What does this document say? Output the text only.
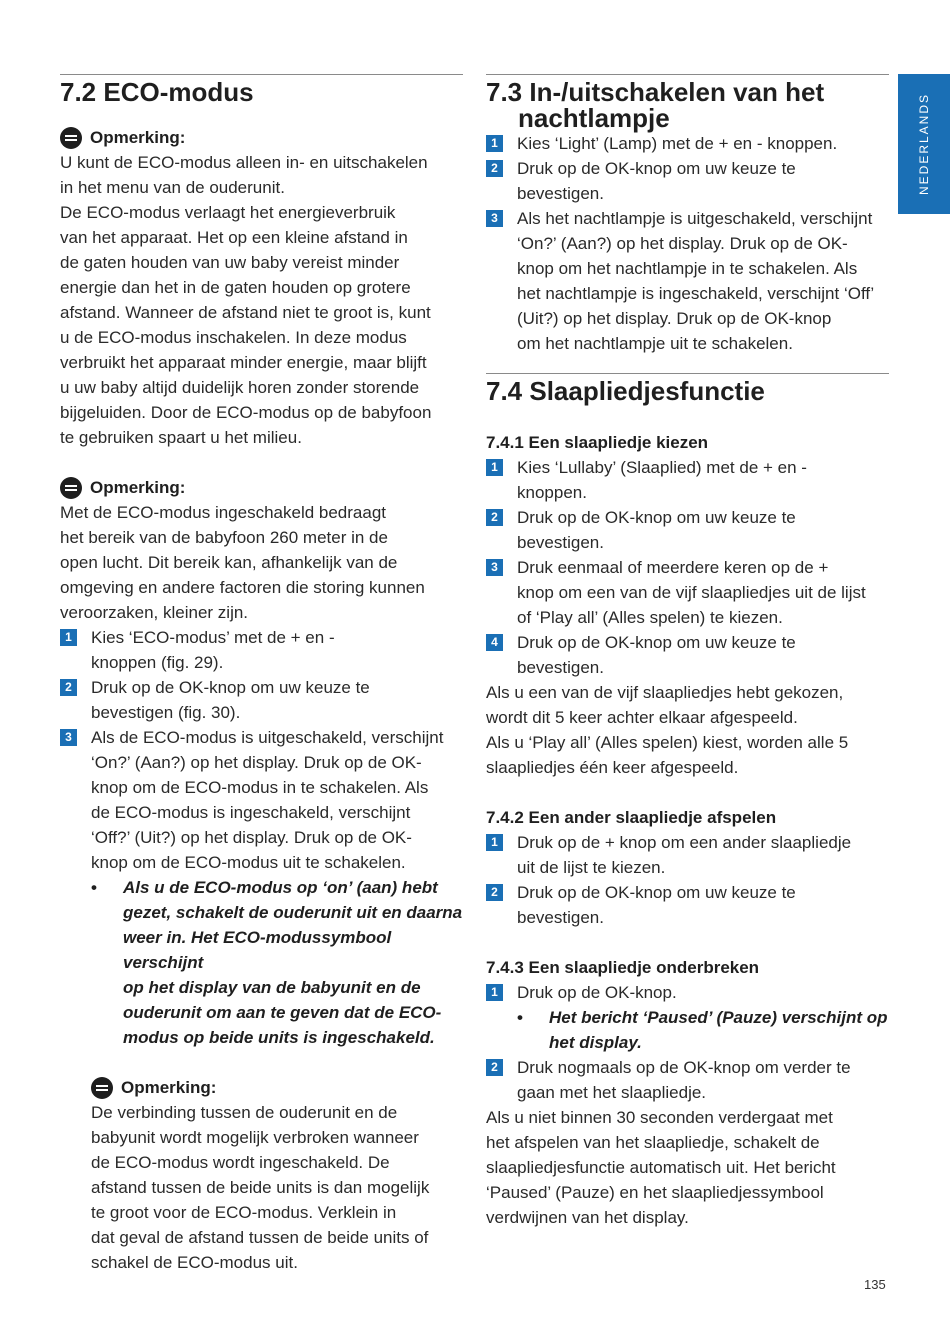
7.2 ECO-modus
Opmerking:

U kunt de ECO-modus alleen in- en uitschakelen

in het menu van de ouderunit.

De ECO-modus verlaagt het energieverbruik

van het apparaat. Het op een kleine afstand in

de gaten houden van uw baby vereist minder

energie dan het in de gaten houden op grotere

afstand. Wanneer de afstand niet te groot is, kunt

u de ECO-modus inschakelen. In deze modus

verbruikt het apparaat minder energie, maar blijft

u uw baby altijd duidelijk horen zonder storende

bijgeluiden. Door de ECO-modus op de babyfoon

te gebruiken spaart u het milieu.

Opmerking:

Met de ECO-modus ingeschakeld bedraagt

het bereik van de babyfoon 260 meter in de

open lucht. Dit bereik kan, afhankelijk van de

omgeving en andere factoren die storing kunnen

veroorzaken, kleiner zijn.

1	Kies ‘ECO-modus’ met de + en -
knoppen (fig. 29).
2	Druk op de OK-knop om uw keuze te
bevestigen (fig. 30).
3	Als de ECO-modus is uitgeschakeld, verschijnt
‘On?’ (Aan?) op het display. Druk op de OK-
knop om de ECO-modus in te schakelen. Als
de ECO-modus is ingeschakeld, verschijnt
‘Off?’ (Uit?) op het display. Druk op de OK-
knop om de ECO-modus uit te schakelen.
•	Als u de ECO-modus op ‘on’ (aan) hebt
gezet, schakelt de ouderunit uit en daarna
weer in. Het ECO-modussymbool verschijnt
op het display van de babyunit en de
ouderunit om aan te geven dat de ECO-
modus op beide units is ingeschakeld.
Opmerking:
De verbinding tussen de ouderunit en de
babyunit wordt mogelijk verbroken wanneer
de ECO-modus wordt ingeschakeld. De
afstand tussen de beide units is dan mogelijk
te groot voor de ECO-modus. Verklein in
dat geval de afstand tussen de beide units of
schakel de ECO-modus uit.
7.3 In-/uitschakelen van het
nachtlampje
1	Kies ‘Light’ (Lamp) met de + en - knoppen.
2	Druk op de OK-knop om uw keuze te
bevestigen.
3	Als het nachtlampje is uitgeschakeld, verschijnt
‘On?’ (Aan?) op het display. Druk op de OK-
knop om het nachtlampje in te schakelen. Als
het nachtlampje is ingeschakeld, verschijnt ‘Off’
(Uit?) op het display. Druk op de OK-knop
om het nachtlampje uit te schakelen.
7.4 Slaapliedjesfunctie
7.4.1 Een slaapliedje kiezen
1	Kies ‘Lullaby’ (Slaaplied) met de + en -
knoppen.
2	Druk op de OK-knop om uw keuze te
bevestigen.
3	Druk eenmaal of meerdere keren op de +
knop om een van de vijf slaapliedjes uit de lijst
of ‘Play all’ (Alles spelen) te kiezen.
4	Druk op de OK-knop om uw keuze te
bevestigen.

Als u een van de vijf slaapliedjes hebt gekozen,

wordt dit 5 keer achter elkaar afgespeeld.

Als u ‘Play all’ (Alles spelen) kiest, worden alle 5

slaapliedjes één keer afgespeeld.

7.4.2 Een ander slaapliedje afspelen
1	Druk op de + knop om een ander slaapliedje
uit de lijst te kiezen.
2	Druk op de OK-knop om uw keuze te
bevestigen.
7.4.3 Een slaapliedje onderbreken
1	Druk op de OK-knop.
•	Het bericht ‘Paused’ (Pauze) verschijnt op
het display.
2	Druk nogmaals op de OK-knop om verder te
gaan met het slaapliedje.

Als u niet binnen 30 seconden verdergaat met

het afspelen van het slaapliedje, schakelt de

slaapliedjesfunctie automatisch uit. Het bericht

‘Paused’ (Pauze) en het slaapliedjessymbool

verdwijnen van het display.

NEDERLANDS
135
